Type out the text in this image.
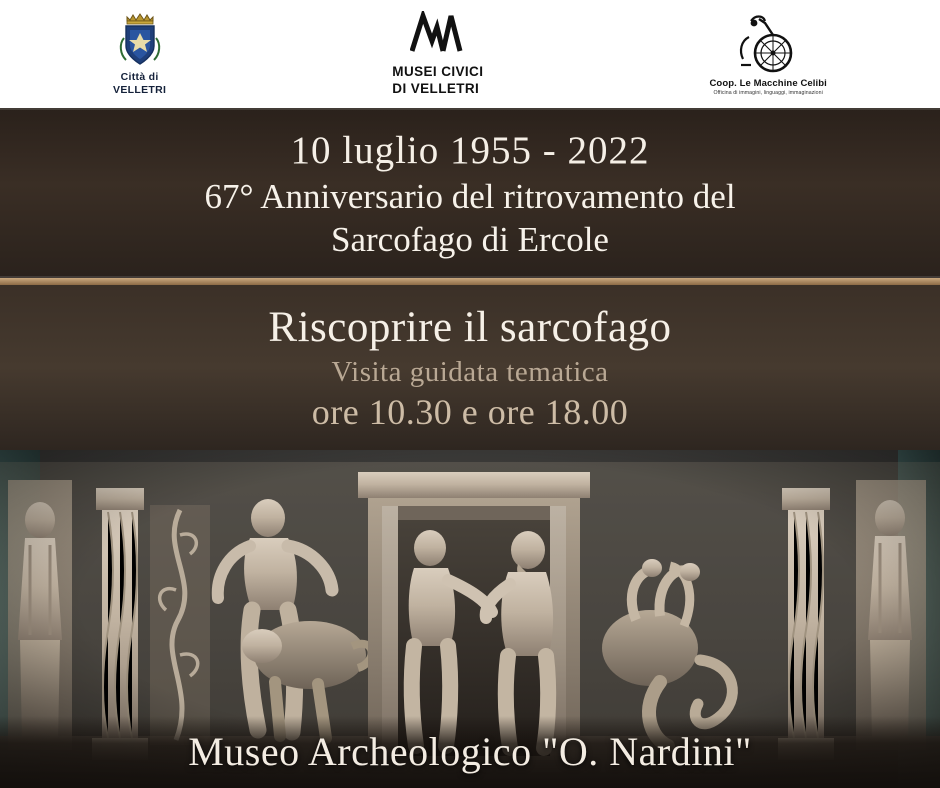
Città di
VELLETRI
MUSEI CIVICI
DI VELLETRI	Coop. Le Macchine Celibi
Officina di immagini, linguaggi, immaginazioni
10 luglio 1955 - 2022
67° Anniversario del ritrovamento del
Sarcofago di Ercole
Riscoprire il sarcofago
Visita guidata tematica
ore 10.30 e ore 18.00
Museo Archeologico "O. Nardini"
